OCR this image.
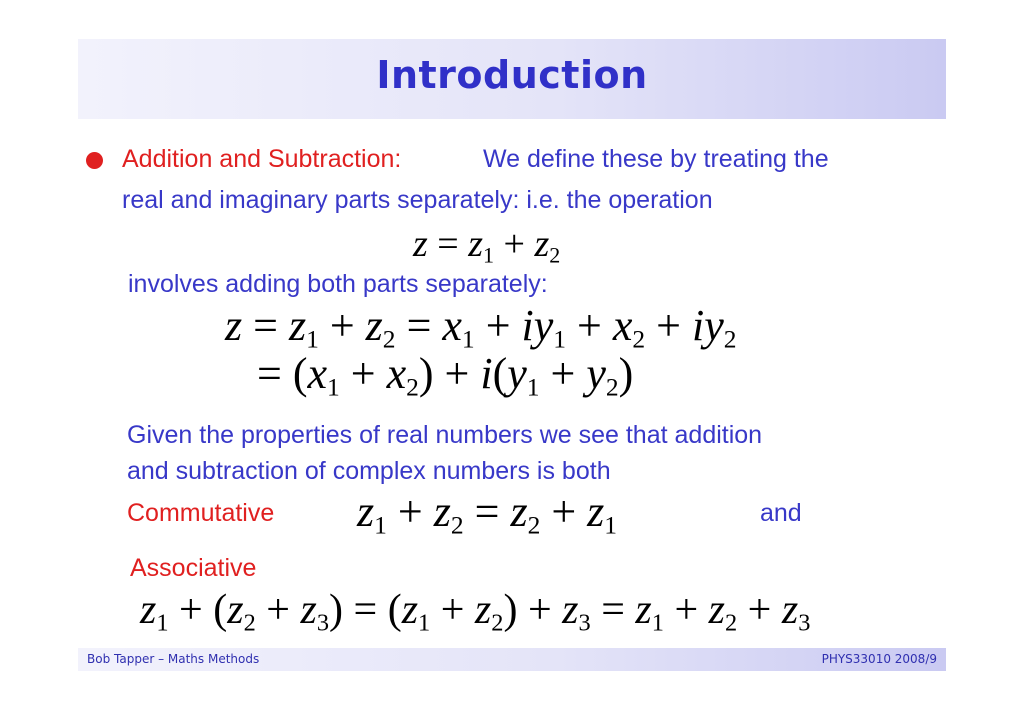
Introduction
Addition and Subtraction:	We define these by treating the
real and imaginary parts separately: i.e. the operation
$z = z_1 + z_2$
involves adding both parts separately:
$z = z_1 + z_2 = x_1 + iy_1 + x_2 + iy_2$
= $(x_1 + x_2) + i(y_1 + y_2)$
Given the properties of real numbers we see that addition
and subtraction of complex numbers is both
Commutative $z_1 + z_2 = z_2 + z_1$	and
Associative
$z_1 + (z_2 + z_3) = (z_1 + z_2) + z_3 = z_1 + z_2 + z_3$
Bob Tapper – Maths Methods	PHYS33010 2008/9
